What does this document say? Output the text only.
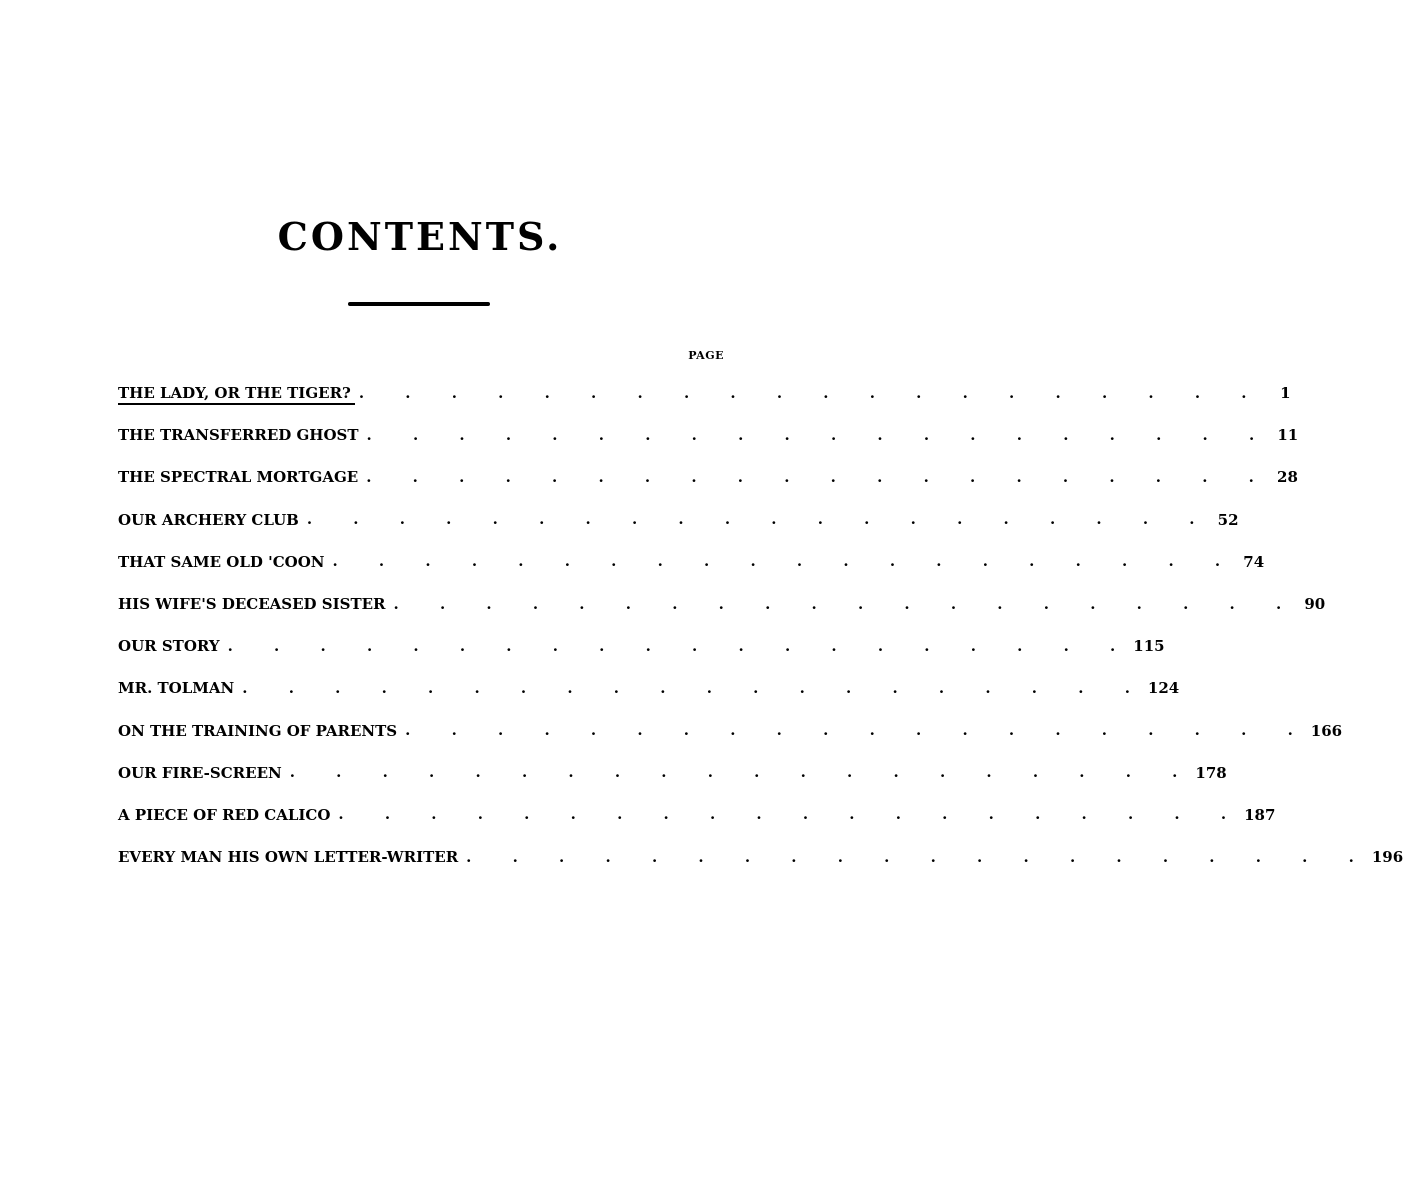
CONTENTS.
PAGE
THE LADY, OR THE TIGER? . . . . . . . . . . . . . . . . . . . .	1
THE TRANSFERRED GHOST . . . . . . . . . . . . . . . . . . . . 11
THE SPECTRAL MORTGAGE . . . . . . . . . . . . . . . . . . . . 28
OUR ARCHERY CLUB . . . . . . . . . . . . . . . . . . . . 52
THAT SAME OLD 'COON . . . . . . . . . . . . . . . . . . . . 74
HIS WIFE'S DECEASED SISTER . . . . . . . . . . . . . . . . . . . . 90
OUR STORY . . . . . . . . . . . . . . . . . . . . 115
MR. TOLMAN . . . . . . . . . . . . . . . . . . . . 124
ON THE TRAINING OF PARENTS . . . . . . . . . . . . . . . . . . . . 166
OUR FIRE-SCREEN . . . . . . . . . . . . . . . . . . . . 178
A PIECE OF RED CALICO . . . . . . . . . . . . . . . . . . . . 187
EVERY MAN HIS OWN LETTER-WRITER . . . . . . . . . . . . . . . . . . . . 196
